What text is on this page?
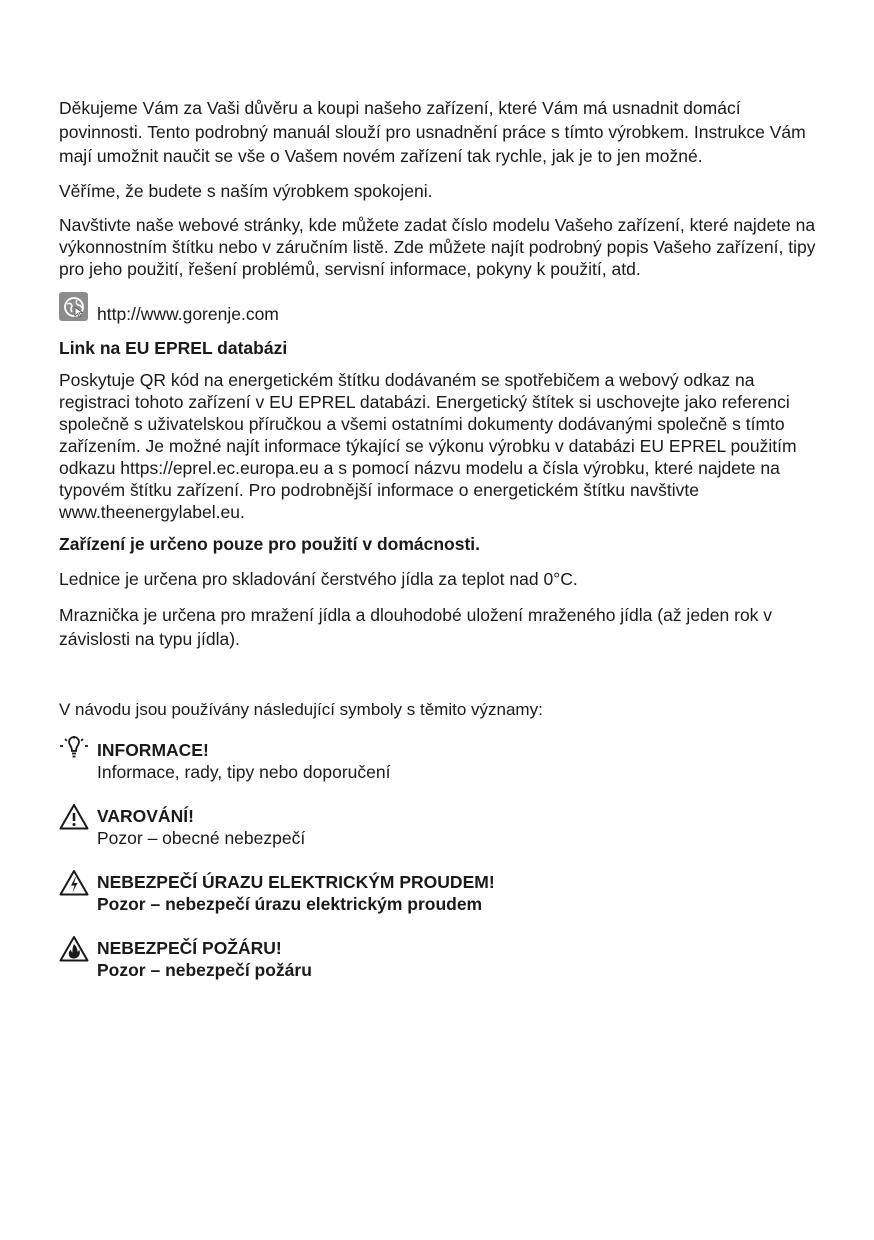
Děkujeme Vám za Vaši důvěru a koupi našeho zařízení, které Vám má usnadnit domácí povinnosti. Tento podrobný manuál slouží pro usnadnění práce s tímto výrobkem. Instrukce Vám mají umožnit naučit se vše o Vašem novém zařízení tak rychle, jak je to jen možné.

Věříme, že budete s naším výrobkem spokojeni.

Navštivte naše webové stránky, kde můžete zadat číslo modelu Vašeho zařízení, které najdete na výkonnostním štítku nebo v záručním listě. Zde můžete najít podrobný popis Vašeho zařízení, tipy pro jeho použití, řešení problémů, servisní informace, pokyny k použití, atd.

http://www.gorenje.com

Link na EU EPREL databázi

Poskytuje QR kód na energetickém štítku dodávaném se spotřebičem a webový odkaz na registraci tohoto zařízení v EU EPREL databázi. Energetický štítek si uschovejte jako referenci společně s uživatelskou příručkou a všemi ostatními dokumenty dodávanými společně s tímto zařízením. Je možné najít informace týkající se výkonu výrobku v databázi EU EPREL použitím odkazu https://eprel.ec.europa.eu a s pomocí názvu modelu a čísla výrobku, které najdete na typovém štítku zařízení. Pro podrobnější informace o energetickém štítku navštivte www.theenergylabel.eu.

Zařízení je určeno pouze pro použití v domácnosti.

Lednice je určena pro skladování čerstvého jídla za teplot nad 0°C.

Mraznička je určena pro mražení jídla a dlouhodobé uložení mraženého jídla (až jeden rok v závislosti na typu jídla).

V návodu jsou používány následující symboly s těmito významy:

INFORMACE!
Informace, rady, tipy nebo doporučení
VAROVÁNÍ!
Pozor – obecné nebezpečí
NEBEZPEČÍ ÚRAZU ELEKTRICKÝM PROUDEM!
Pozor – nebezpečí úrazu elektrickým proudem
NEBEZPEČÍ POŽÁRU!
Pozor – nebezpečí požáru
